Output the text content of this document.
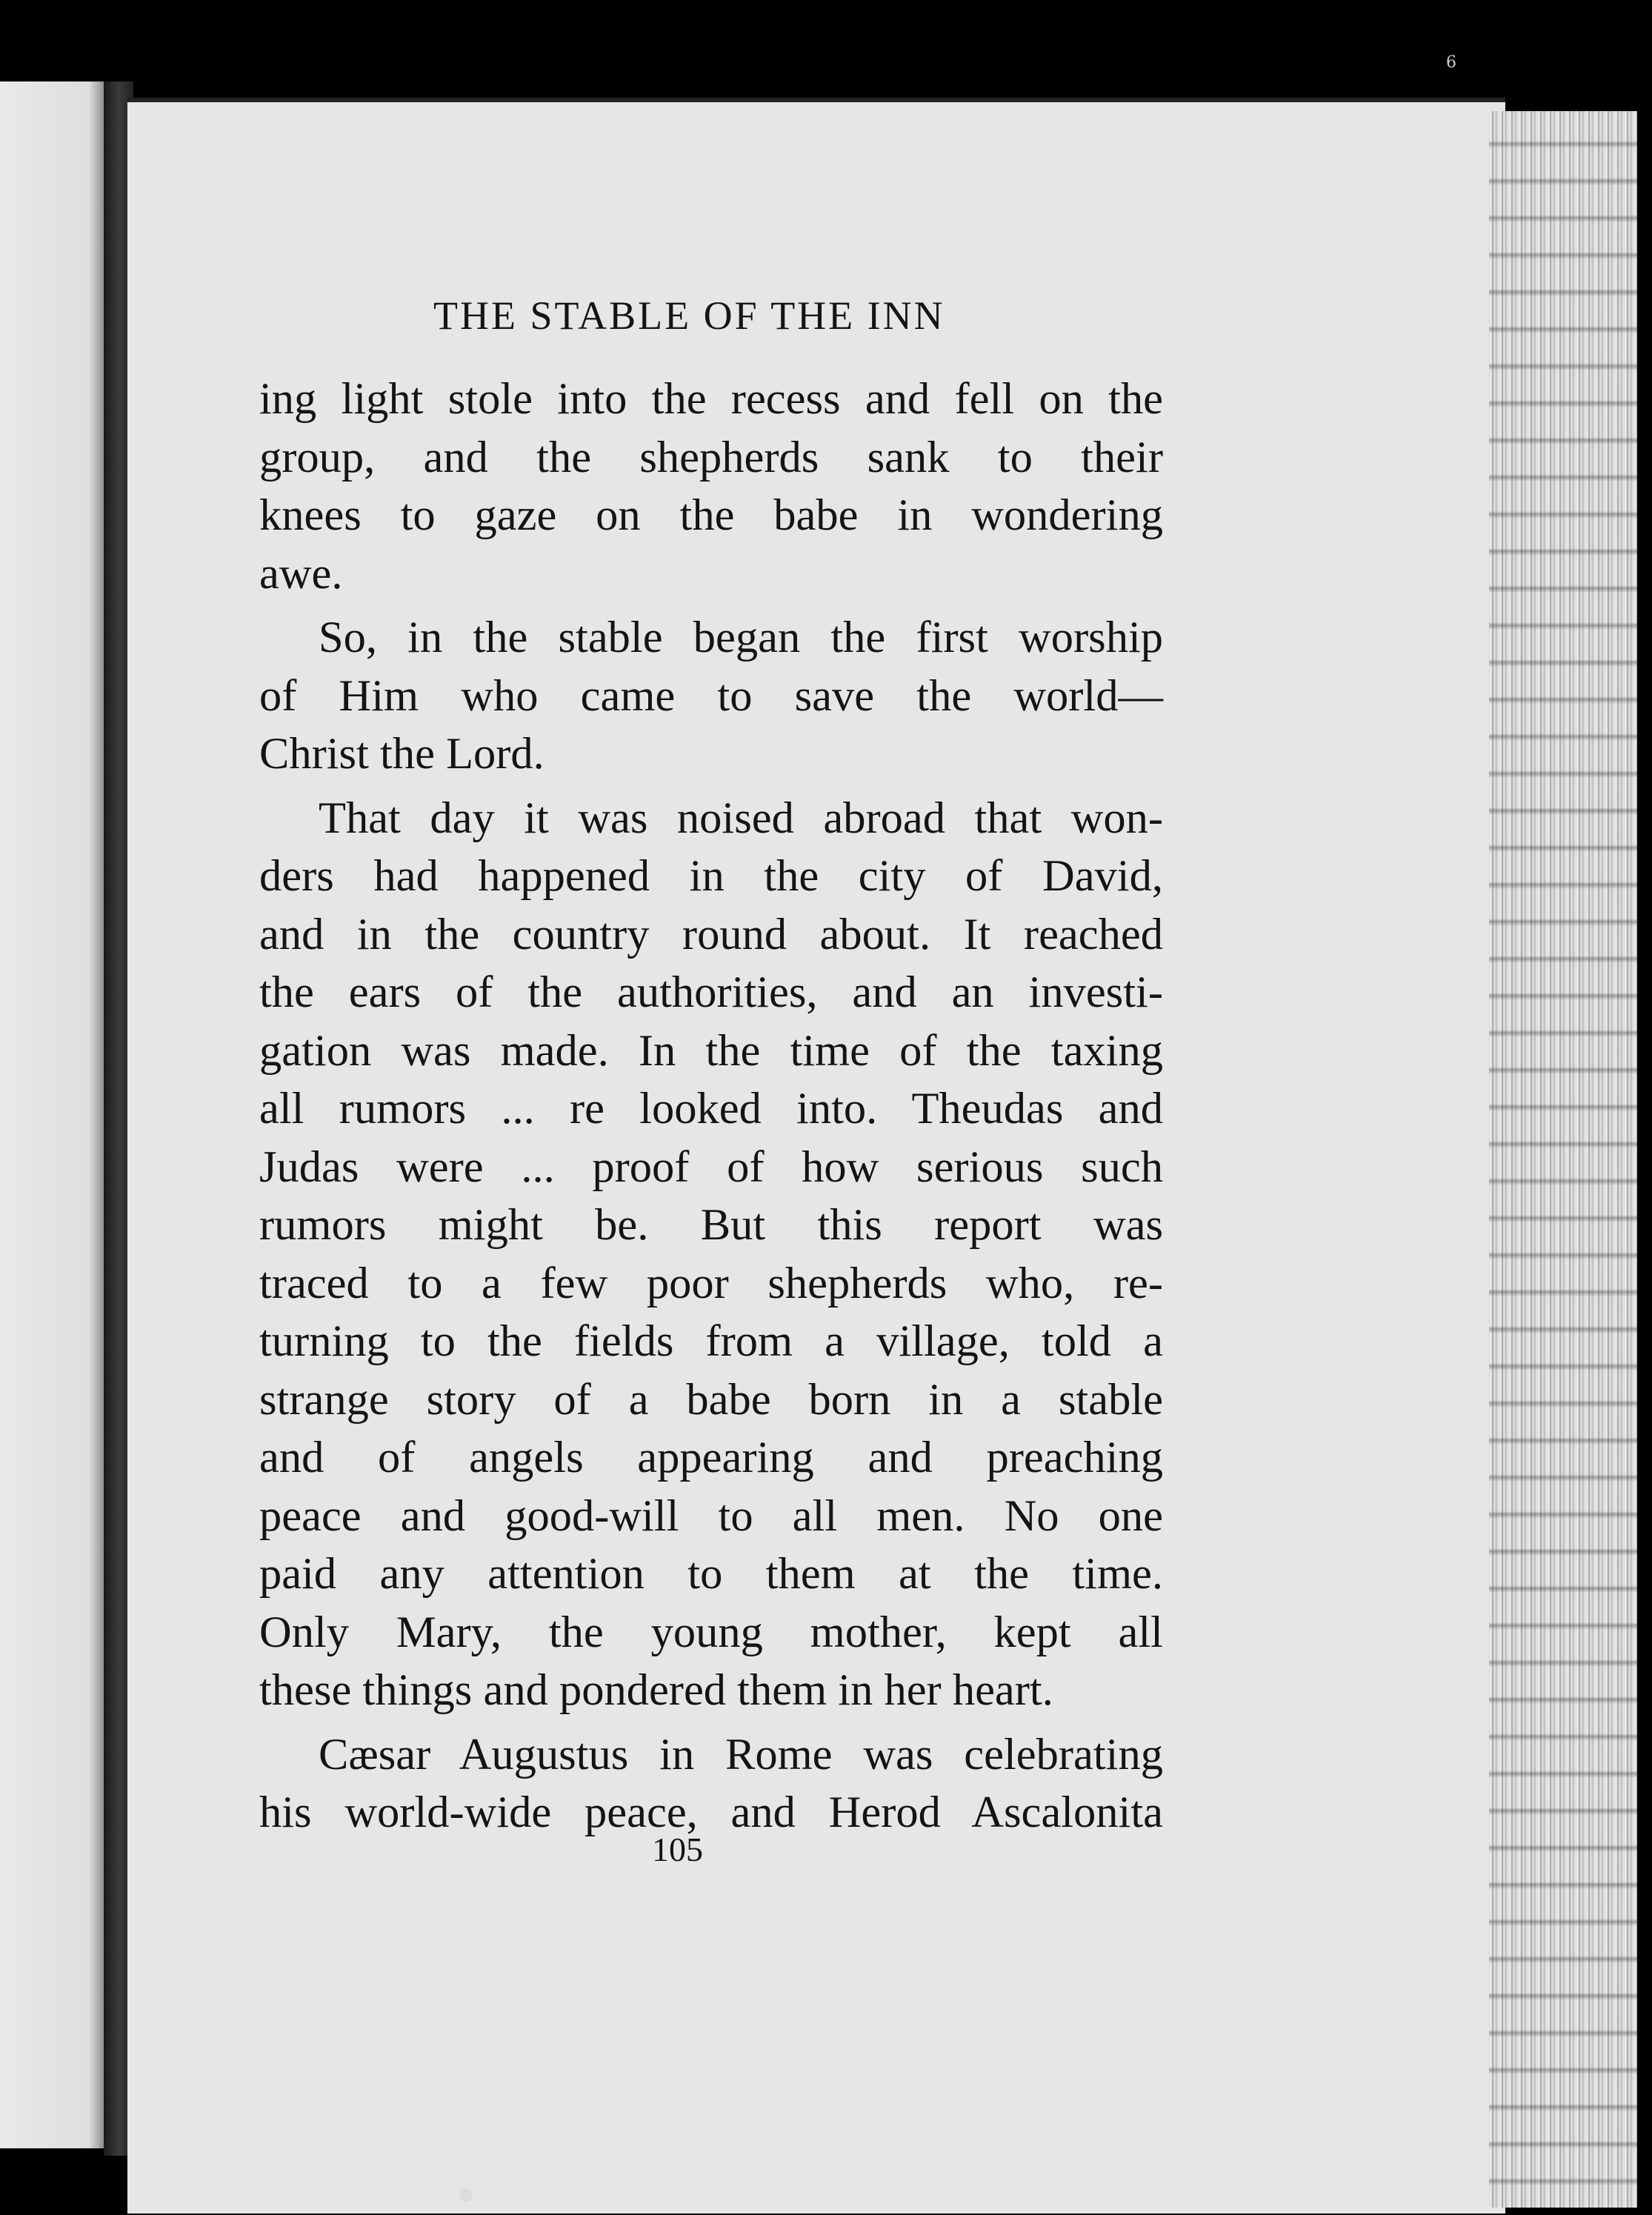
6
THE STABLE OF THE INN
ing light stole into the recess and fell on the
group, and the shepherds sank to their
knees to gaze on the babe in wondering
awe.
So, in the stable began the first worship
of Him who came to save the world—
Christ the Lord.
That day it was noised abroad that won-
ders had happened in the city of David,
and in the country round about. It reached
the ears of the authorities, and an investi-
gation was made. In the time of the taxing
all rumors ... re looked into. Theudas and
Judas were ... proof of how serious such
rumors might be. But this report was
traced to a few poor shepherds who, re-
turning to the fields from a village, told a
strange story of a babe born in a stable
and of angels appearing and preaching
peace and good-will to all men. No one
paid any attention to them at the time.
Only Mary, the young mother, kept all
these things and pondered them in her heart.
Cæsar Augustus in Rome was celebrating
his world-wide peace, and Herod Ascalonita
105
